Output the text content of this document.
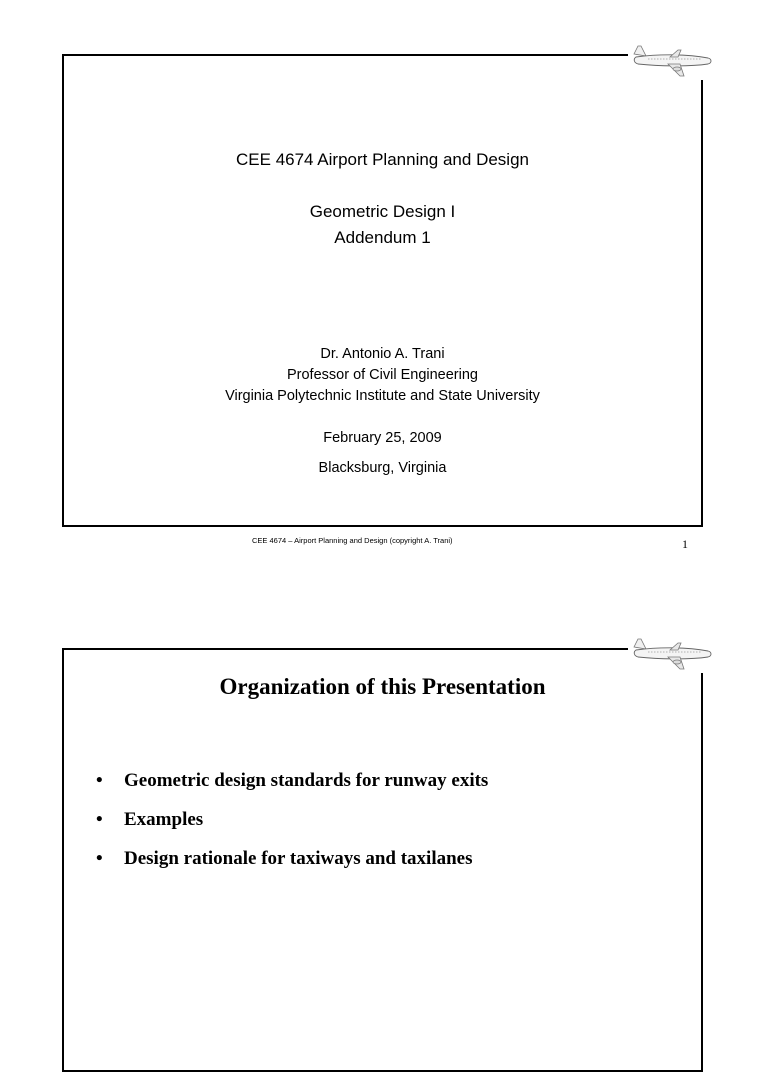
CEE 4674 Airport Planning and Design
Geometric Design I
Addendum 1
Dr. Antonio A. Trani
Professor of Civil Engineering
Virginia Polytechnic Institute and State University
February 25, 2009
Blacksburg, Virginia
CEE 4674 – Airport Planning and Design (copyright A. Trani)	1
Organization of this Presentation
• Geometric design standards for runway exits
• Examples
• Design rationale for taxiways and taxilanes
